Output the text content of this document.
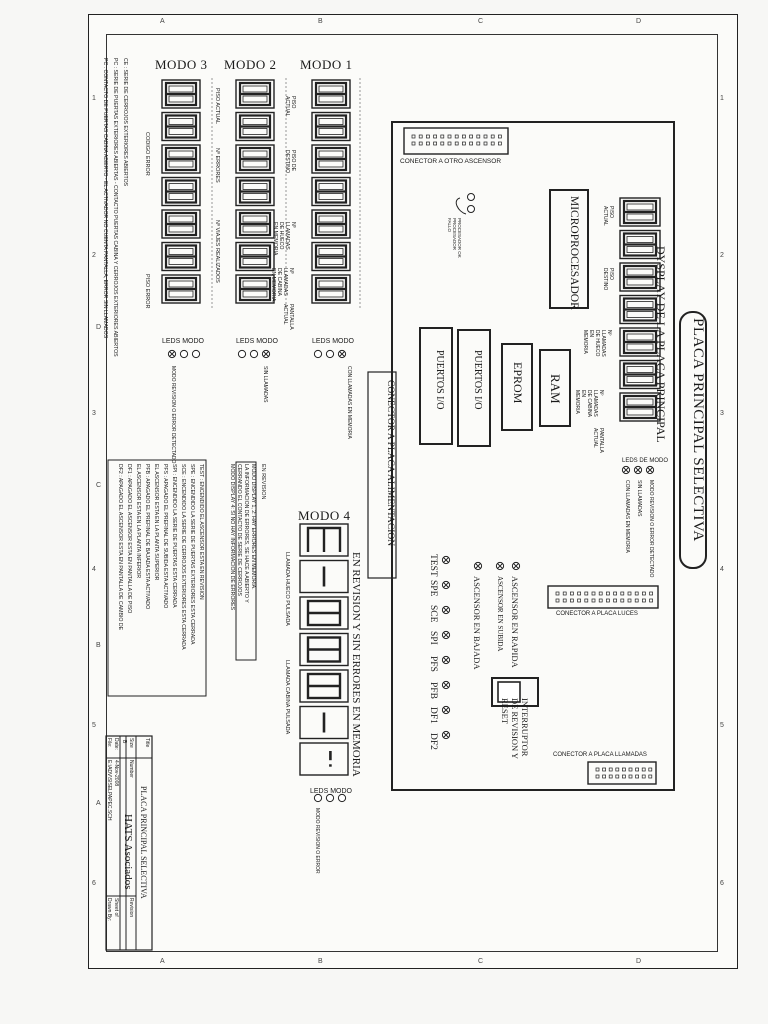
A
B
C
D
1	1
2	2
3	3
4	4
5	5
6	6
A
A
B
B
C
C
D
D
PLACA PRINCIPAL SELECTIVA
DYSPLAY DE LA PLACA PRINCIPAL
CONECTOR A OTRO ASCENSOR
CONECTOR A PLACA LUCES
CONECTOR A PLACA LLAMADAS
CONECTOR A PLACA ALIMENTACION
MICROPROCESADOR
RAM
EPROM
PUERTOS I/O
PUERTOS I/O
PROCESADOR OK PROCESADOR FALLO
PISO ACTUAL
PISO DESTINO
Nº LLAMADAS DE HUECO EN MEMORIA
Nº LLAMADAS DE CABINA EN MEMORIA
PANTALLA ACTUAL
LEDS DE MODO
CON LLAMADAS EN MEMORIA SIN LLAMADAS MODO REVISION O ERROR DETECTADO
ASCENSOR EN RAPIDA
ASCENSOR EN SUBIDA
ASCENSOR EN BAJADA
TEST
SPE
SCE
SPI
PFS
PFB
DF1
DF2	INTERRUPTOR DE REVISION Y RESET
MODO 1
MODO 2
MODO 3
MODO 4
PISO ACTUAL
PISO DE DESTINO
Nº LLAMADAS DE HUECO EN MEMORIA
Nº LLAMADAS DE CABINA EN MEMORIA
PANTALLA ACTUAL
CON LLAMADAS EN MEMORIA
PISO ACTUAL
Nº ERRORES
Nº VIAJES REALIZADOS
SIN LLAMADAS
CODIGO ERROR
PISO ERROR
MODO REVISION O ERROR DETECTADO
LLAMADA HUECO PULSADA
LLAMADA CABINA PULSADA
MODO REVISION O ERROR
LEDS MODO
LEDS MODO
LEDS MODO
LEDS MODO
EN REVISION Y SIN ERRORES EN MEMORIA
EN REVISION
MODO DISPLAY 1, 2: HAY ERRORES EN MEMORIA.
LA INFORMACION DE ERRORES, SE HACE A ABIERTO Y
CERRANDO EL CONTACTO DE SERIE DE CERROJOS
MODO DISPLAY 4: SI NO HAY INFORMACION DE ERRORES
TEST : ENCENDIDO EL ASCENSOR ESTA EN REVISION
SPE : ENCENDIDO LA SERIE DE PUERTAS EXTERIORES ESTA CERRADA
SCE : ENCENDIDO LA SERIE DE CERROJOS EXTERIORES ESTA CERRADA
SPI : ENCENDIDO LA SERIE DE PUERTAS ESTA CERRADA
PFS : APAGADO EL PREFINAL DE SUBIDA ESTA ACTIVADO
EL ASCENSOR ESTA EN LA PLANTA SUPERIOR
PFB : APAGADO EL PREFINAL DE BAJADA ESTA ACTIVADO
EL ASCENSOR ESTA EN LA PLANTA INFERIOR
DF1 : APAGADO EL ASCENSOR ESTA EN PANTALLA DE PISO
DF2 : APAGADO EL ASCENSOR ESTA EN PANTALLA DE CAMBIO DE
CE : SERIE DE CERROJOS EXTERIORES ABIERTOS
PC : SERIE DE PUERTAS EXTERIORES ABIERTAS - CONTACTO PUERTAS CABINA Y CERROJOS EXTERIORES ABIERTOS
PC : CONTACTO DE PUERTAS CABINA ABIERTO - EL ACTIVADOR NO CUENTA PANTALLA, ERROR SIN LLAMADOS
Title
PLACA PRINCIPAL SELECTIVA
Size
Number
Revision
B
HATS Asociados
Date:
4-Nov-2008
File:
E:\ADV\SISELPAPEC.SCH
Sheet of
Drawn By:
